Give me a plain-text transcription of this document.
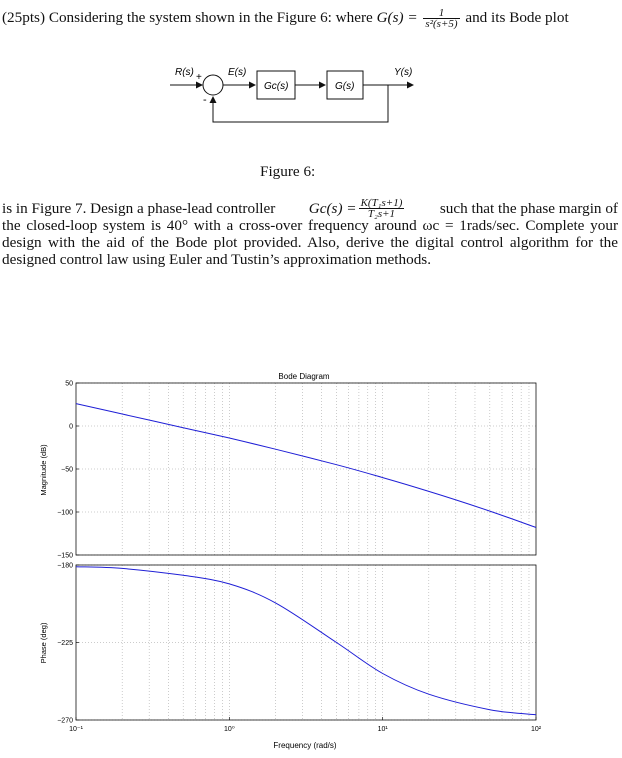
(25pts) Considering the system shown in the Figure 6: where $G(s) = \frac{1}{\text{s²(s+5)}}$ and its Bode plot
R(s) +
-
E(s)
Gc(s)	G(s)
Y(s)
Figure 6:
is in Figure 7. Design a phase-lead controller $Gc(s) = \frac{\text{K(T₁s+1)}}{\text{T₂s+1}}$ such that the phase margin of
the closed-loop system is 40° with a cross-over frequency around ωc = 1rads/sec. Complete your
design with the aid of the Bode plot provided. Also, derive the digital control algorithm for the
designed control law using Euler and Tustin’s approximation methods.
Bode Diagram
50
0
−50
−100
−150
−180
−225
−270
10⁻¹	10⁰	10¹	10²
Magnitude (dB)
Phase (deg)
Frequency (rad/s)
